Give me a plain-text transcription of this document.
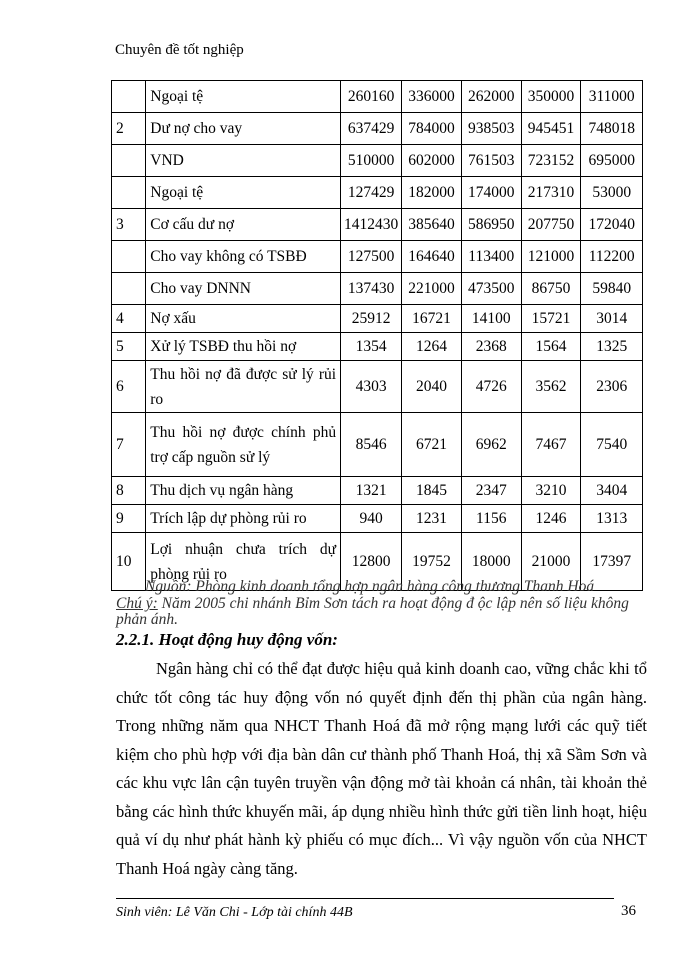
Chuyên đề tốt nghiệp

	Ngoại tệ	260160	336000	262000	350000	311000
2	Dư nợ cho vay	637429	784000	938503	945451	748018

	VND	510000	602000	761503	723152	695000

	Ngoại tệ	127429	182000	174000	217310	53000
3	Cơ cấu dư nợ	1412430	385640	586950	207750	172040

	Cho vay không có TSBĐ	127500	164640	113400	121000	112200

	Cho vay DNNN	137430	221000	473500	86750	59840
4	Nợ xấu	25912	16721	14100	15721	3014
5	Xử lý TSBĐ thu hồi nợ	1354	1264	2368	1564	1325
6	Thu hồi nợ đã được sử lý rủi ro	4303	2040	4726	3562	2306
7	Thu hồi nợ được chính phủ trợ cấp nguồn sử lý	8546	6721	6962	7467	7540
8	Thu dịch vụ ngân hàng	1321	1845	2347	3210	3404
9	Trích lập dự phòng rủi ro	940	1231	1156	1246	1313
10	Lợi nhuận chưa trích dự phòng rủi ro	12800	19752	18000	21000	17397
Nguồn: Phòng kinh doanh tổng hợp ngân hàng công thương Thanh Hoá
Chú ý: Năm 2005 chi nhánh Bỉm Sơn tách ra hoạt động đ ộc lập nên số liệu không phản ánh.
2.2.1. Hoạt động huy động vốn:
Ngân hàng chỉ có thể đạt được hiệu quả kinh doanh cao, vững chắc khi tổ chức tốt công tác huy động vốn nó quyết định đến thị phần của ngân hàng. Trong những năm qua NHCT Thanh Hoá đã mở rộng mạng lưới các quỹ tiết kiệm cho phù hợp với địa bàn dân cư thành phố Thanh Hoá, thị xã Sầm Sơn và các khu vực lân cận tuyên truyền vận động mở tài khoản cá nhân, tài khoản thẻ bằng các hình thức khuyến mãi, áp dụng nhiều hình thức gửi tiền linh hoạt, hiệu quả ví dụ như phát hành kỳ phiếu có mục đích... Vì vậy nguồn vốn của NHCT Thanh Hoá ngày càng tăng.
Sinh viên: Lê Văn Chi - Lớp tài chính 44B	36
